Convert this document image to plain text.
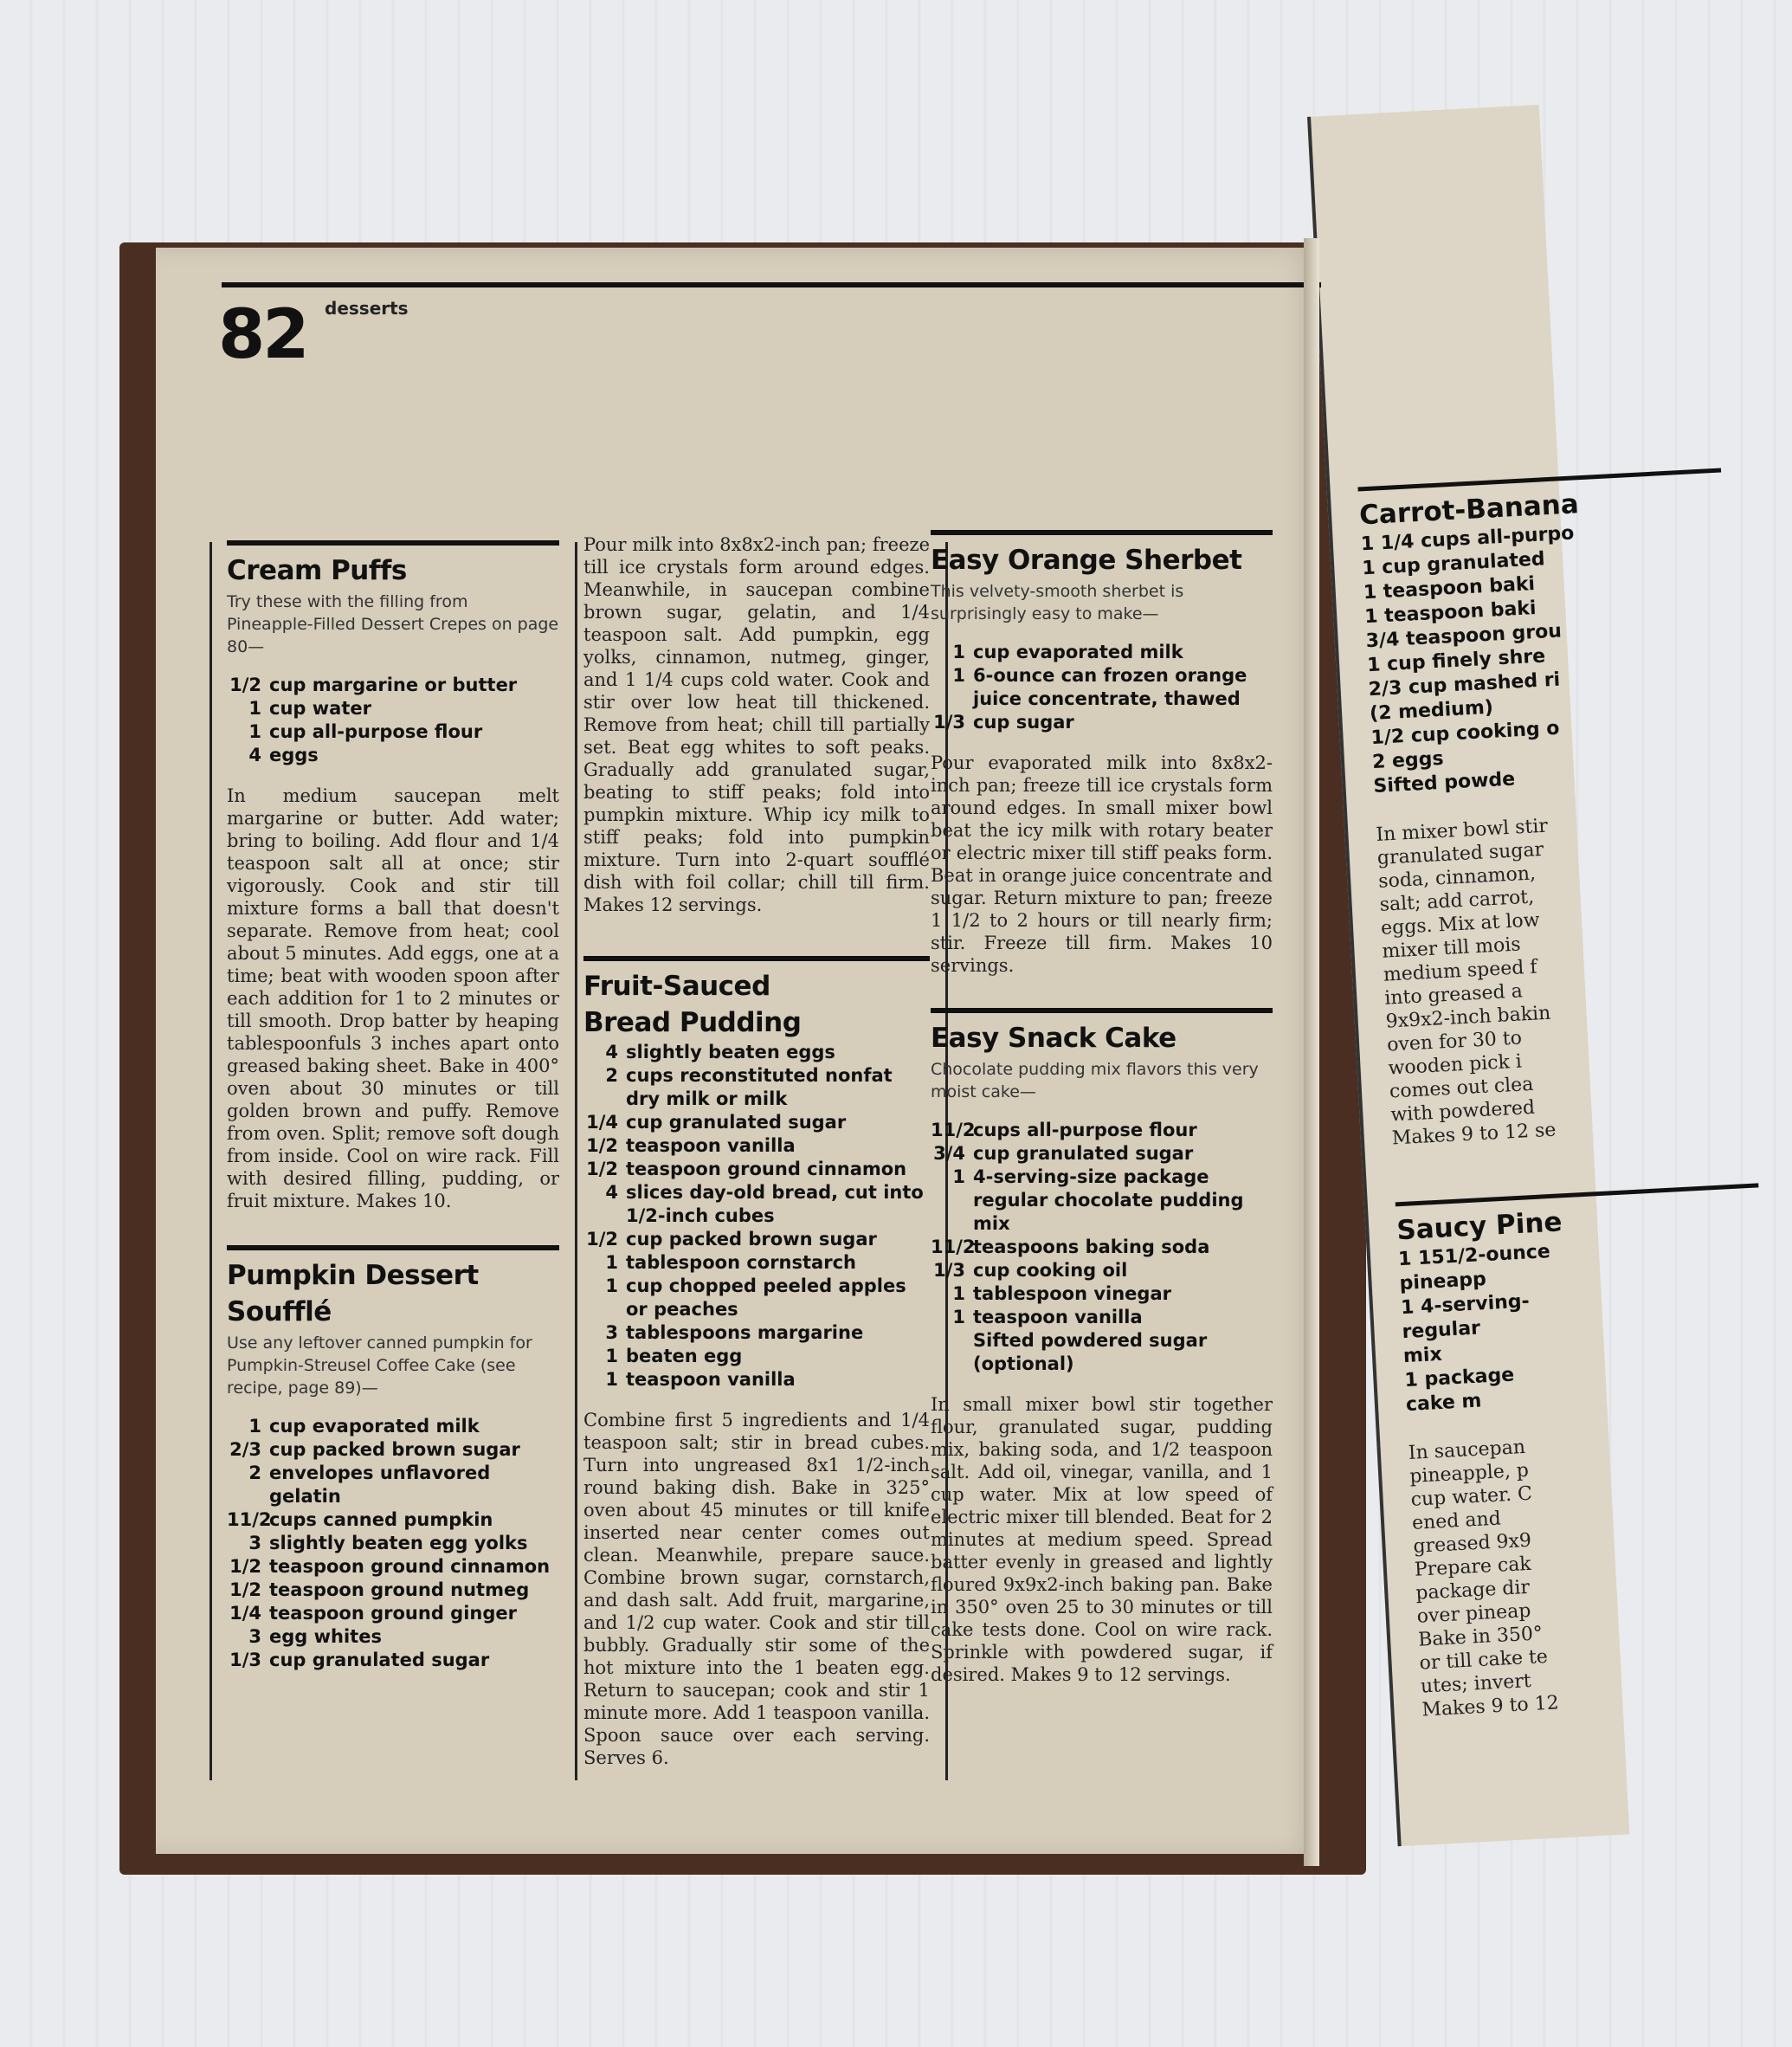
Carrot-Banana
1 1/4 cups all-purpo
1 cup granulated
1 teaspoon baki
1 teaspoon baki
3/4 teaspoon grou
1 cup finely shre
2/3 cup mashed ri
(2 medium)
1/2 cup cooking o
2 eggs
Sifted powde
In mixer bowl stir
granulated sugar
soda, cinnamon,
salt; add carrot,
eggs. Mix at low
mixer till mois
medium speed f
into greased a
9x9x2-inch bakin
oven for 30 to
wooden pick i
comes out clea
with powdered
Makes 9 to 12 se
Saucy Pine
1 151/2-ounce
pineapp
1 4-serving-
regular
mix
1 package
cake m
In saucepan
pineapple, p
cup water. C
ened and
greased 9x9
Prepare cak
package dir
over pineap
Bake in 350°
or till cake te
utes; invert
Makes 9 to 12
82 desserts
Cream Puffs

Try these with the filling from Pineapple-Filled Dessert Crepes on page 80—

1/2 cup margarine or butter
1 cup water
1 cup all-purpose flour
4 eggs

In medium saucepan melt margarine or butter. Add water; bring to boiling. Add flour and 1/4 teaspoon salt all at once; stir vigorously. Cook and stir till mixture forms a ball that doesn't separate. Remove from heat; cool about 5 minutes. Add eggs, one at a time; beat with wooden spoon after each addition for 1 to 2 minutes or till smooth. Drop batter by heaping tablespoonfuls 3 inches apart onto greased baking sheet. Bake in 400° oven about 30 minutes or till golden brown and puffy. Remove from oven. Split; remove soft dough from inside. Cool on wire rack. Fill with desired filling, pudding, or fruit mixture. Makes 10.

Pumpkin Dessert
Soufflé

Use any leftover canned pumpkin for Pumpkin-Streusel Coffee Cake (see recipe, page 89)—

1 cup evaporated milk
2/3 cup packed brown sugar
2 envelopes unflavored gelatin
11/2
cups canned pumpkin
3 slightly beaten egg yolks
1/2 teaspoon ground cinnamon
1/2 teaspoon ground nutmeg
1/4 teaspoon ground ginger
3 egg whites
1/3 cup granulated sugar
Pour milk into 8x8x2-inch pan; freeze till ice crystals form around edges. Meanwhile, in saucepan combine brown sugar, gelatin, and 1/4 teaspoon salt. Add pumpkin, egg yolks, cinnamon, nutmeg, ginger, and 1 1/4 cups cold water. Cook and stir over low heat till thickened. Remove from heat; chill till partially set. Beat egg whites to soft peaks. Gradually add granulated sugar, beating to stiff peaks; fold into pumpkin mixture. Whip icy milk to stiff peaks; fold into pumpkin mixture. Turn into 2-quart soufflé dish with foil collar; chill till firm. Makes 12 servings.
Fruit-Sauced
Bread Pudding
4 slightly beaten eggs
2 cups reconstituted nonfat dry milk or milk
1/4 cup granulated sugar
1/2 teaspoon vanilla
1/2 teaspoon ground cinnamon
4 slices day-old bread, cut into 1/2-inch cubes
1/2 cup packed brown sugar
1 tablespoon cornstarch
1 cup chopped peeled apples or peaches
3 tablespoons margarine
1 beaten egg
1 teaspoon vanilla

Combine first 5 ingredients and 1/4 teaspoon salt; stir in bread cubes. Turn into ungreased 8x1 1/2-inch round baking dish. Bake in 325° oven about 45 minutes or till knife inserted near center comes out clean. Meanwhile, prepare sauce. Combine brown sugar, cornstarch, and dash salt. Add fruit, margarine, and 1/2 cup water. Cook and stir till bubbly. Gradually stir some of the hot mixture into the 1 beaten egg. Return to saucepan; cook and stir 1 minute more. Add 1 teaspoon vanilla. Spoon sauce over each serving. Serves 6.

Easy Orange Sherbet

This velvety-smooth sherbet is surprisingly easy to make—

1 cup evaporated milk
1 6-ounce can frozen orange juice concentrate, thawed
1/3 cup sugar

Pour evaporated milk into 8x8x2-inch pan; freeze till ice crystals form around edges. In small mixer bowl beat the icy milk with rotary beater or electric mixer till stiff peaks form. Beat in orange juice concentrate and sugar. Return mixture to pan; freeze 1 1/2 to 2 hours or till nearly firm; stir. Freeze till firm. Makes 10 servings.

Easy Snack Cake

Chocolate pudding mix flavors this very moist cake—

11/2
cups all-purpose flour
3/4 cup granulated sugar
1 4-serving-size package regular chocolate pudding mix
11/2
teaspoons baking soda
1/3 cup cooking oil
1 tablespoon vinegar
1 teaspoon vanilla
Sifted powdered sugar (optional)

In small mixer bowl stir together flour, granulated sugar, pudding mix, baking soda, and 1/2 teaspoon salt. Add oil, vinegar, vanilla, and 1 cup water. Mix at low speed of electric mixer till blended. Beat for 2 minutes at medium speed. Spread batter evenly in greased and lightly floured 9x9x2-inch baking pan. Bake in 350° oven 25 to 30 minutes or till cake tests done. Cool on wire rack. Sprinkle with powdered sugar, if desired. Makes 9 to 12 servings.
